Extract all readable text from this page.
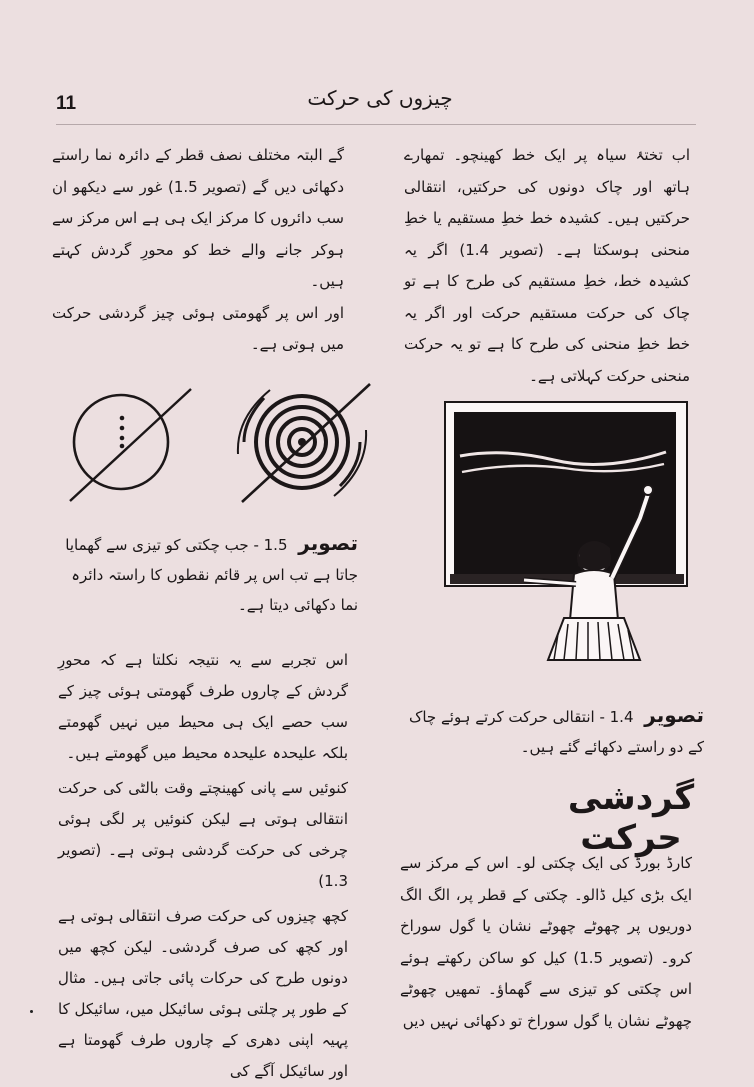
11	چیزوں کی حرکت

اب تختۂ سیاہ پر ایک خط کھینچو۔ تمھارے ہاتھ اور چاک دونوں کی حرکتیں، انتقالی حرکتیں ہیں۔ کشیدہ خط خطِ مستقیم یا خطِ منحنی ہوسکتا ہے۔ (تصویر 1.4) اگر یہ کشیدہ خط، خطِ مستقیم کی طرح کا ہے تو چاک کی حرکت مستقیم حرکت اور اگر یہ خط خطِ منحنی کی طرح کا ہے تو یہ حرکت منحنی حرکت کہلاتی ہے۔

گے البتہ مختلف نصف قطر کے دائرہ نما راستے دکھائی دیں گے (تصویر 1.5) غور سے دیکھو ان سب دائروں کا مرکز ایک ہی ہے اس مرکز سے ہوکر جانے والے خط کو محورِ گردش کہتے ہیں۔

اور اس پر گھومتی ہوئی چیز گردشی حرکت میں ہوتی ہے۔

تصویر 1.5 - جب چکتی کو تیزی سے گھمایا جاتا ہے تب اس پر قائم نقطوں کا راستہ دائرہ نما دکھائی دیتا ہے۔
تصویر 1.4 - انتقالی حرکت کرتے ہوئے چاک کے دو راستے دکھائے گئے ہیں۔

اس تجربے سے یہ نتیجہ نکلتا ہے کہ محورِ گردش کے چاروں طرف گھومتی ہوئی چیز کے سب حصے ایک ہی محیط میں نہیں گھومتے بلکہ علیحدہ علیحدہ محیط میں گھومتے ہیں۔

کنوئیں سے پانی کھینچتے وقت بالٹی کی حرکت انتقالی ہوتی ہے لیکن کنوئیں پر لگی ہوئی چرخی کی حرکت گردشی ہوتی ہے۔ (تصویر 1.3)

کچھ چیزوں کی حرکت صرف انتقالی ہوتی ہے اور کچھ کی صرف گردشی۔ لیکن کچھ میں دونوں طرح کی حرکات پائی جاتی ہیں۔ مثال کے طور پر چلتی ہوئی سائیکل میں، سائیکل کا پہیہ اپنی دھری کے چاروں طرف گھومتا ہے اور سائیکل آگے کی

گردشی حرکت

کارڈ بورڈ کی ایک چکتی لو۔ اس کے مرکز سے ایک بڑی کیل ڈالو۔ چکتی کے قطر پر، الگ الگ دوریوں پر چھوٹے چھوٹے نشان یا گول سوراخ کرو۔ (تصویر 1.5) کیل کو ساکن رکھتے ہوئے اس چکتی کو تیزی سے گھماؤ۔ تمھیں چھوٹے چھوٹے نشان یا گول سوراخ تو دکھائی نہیں دیں
